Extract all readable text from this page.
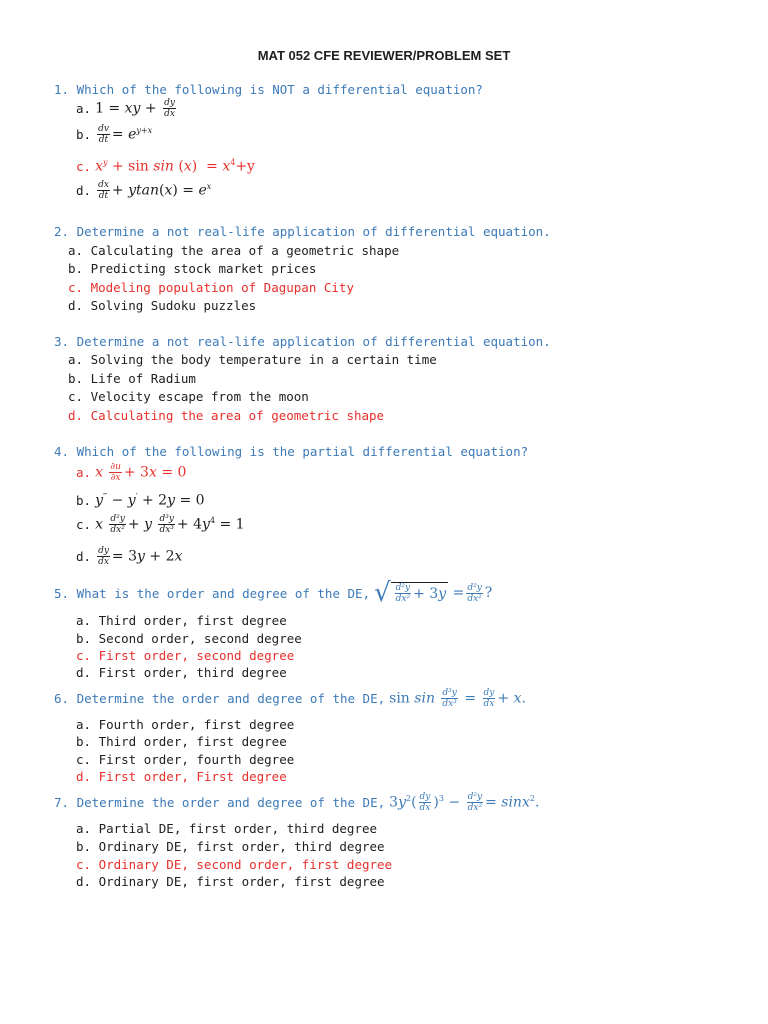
MAT 052 CFE REVIEWER/PROBLEM SET
1. Which of the following is NOT a differential equation?
a. 1 = xy + $\frac{dy}{dx}$
b. $\frac{dv}{dt} = e^{y+x}$
c. $x^y + \sin \sin (x) = x^4+y$
d. $\frac{dx}{dt} + ytan(x) = e^x$
2. Determine a not real-life application of differential equation.
a. Calculating the area of a geometric shape
b. Predicting stock market prices
c. Modeling population of Dagupan City
d. Solving Sudoku puzzles
3. Determine a not real-life application of differential equation.
a. Solving the body temperature in a certain time
b. Life of Radium
c. Velocity escape from the moon
d. Calculating the area of geometric shape
4. Which of the following is the partial differential equation?
a. x $\frac{\partial u}{\partial x} + 3x = 0$
b. y‴ − y′ + 2y = 0
c. x $\frac{\text{d²y}}{\text{dx²}} + y \frac{\text{d³y}}{\text{dx³}} + 4y^4 = 1$
d. $\frac{dy}{dx} = 3y + 2x$
5. What is the order and degree of the DE, √ $\frac{\text{d²y}}{\text{dx²}} + 3$ $y = \frac{\text{d²y}}{\text{dx²}}$ ?
a. Third order, first degree
b. Second order, second degree
c. First order, second degree
d. First order, third degree
6. Determine the order and degree of the DE, $\sin \sin \frac{\text{d³y}}{\text{dx³}} = \frac{dy}{dx} + x$.
a. Fourth order, first degree
b. Third order, first degree
c. First order, fourth degree
d. First order, First degree
7. Determine the order and degree of the DE, $3y^2( \frac{dy}{dx} )^3 - \frac{\text{d²y}}{\text{dx²}} = \sin x^2$.
a. Partial DE, first order, third degree
b. Ordinary DE, first order, third degree
c. Ordinary DE, second order, first degree
d. Ordinary DE, first order, first degree
